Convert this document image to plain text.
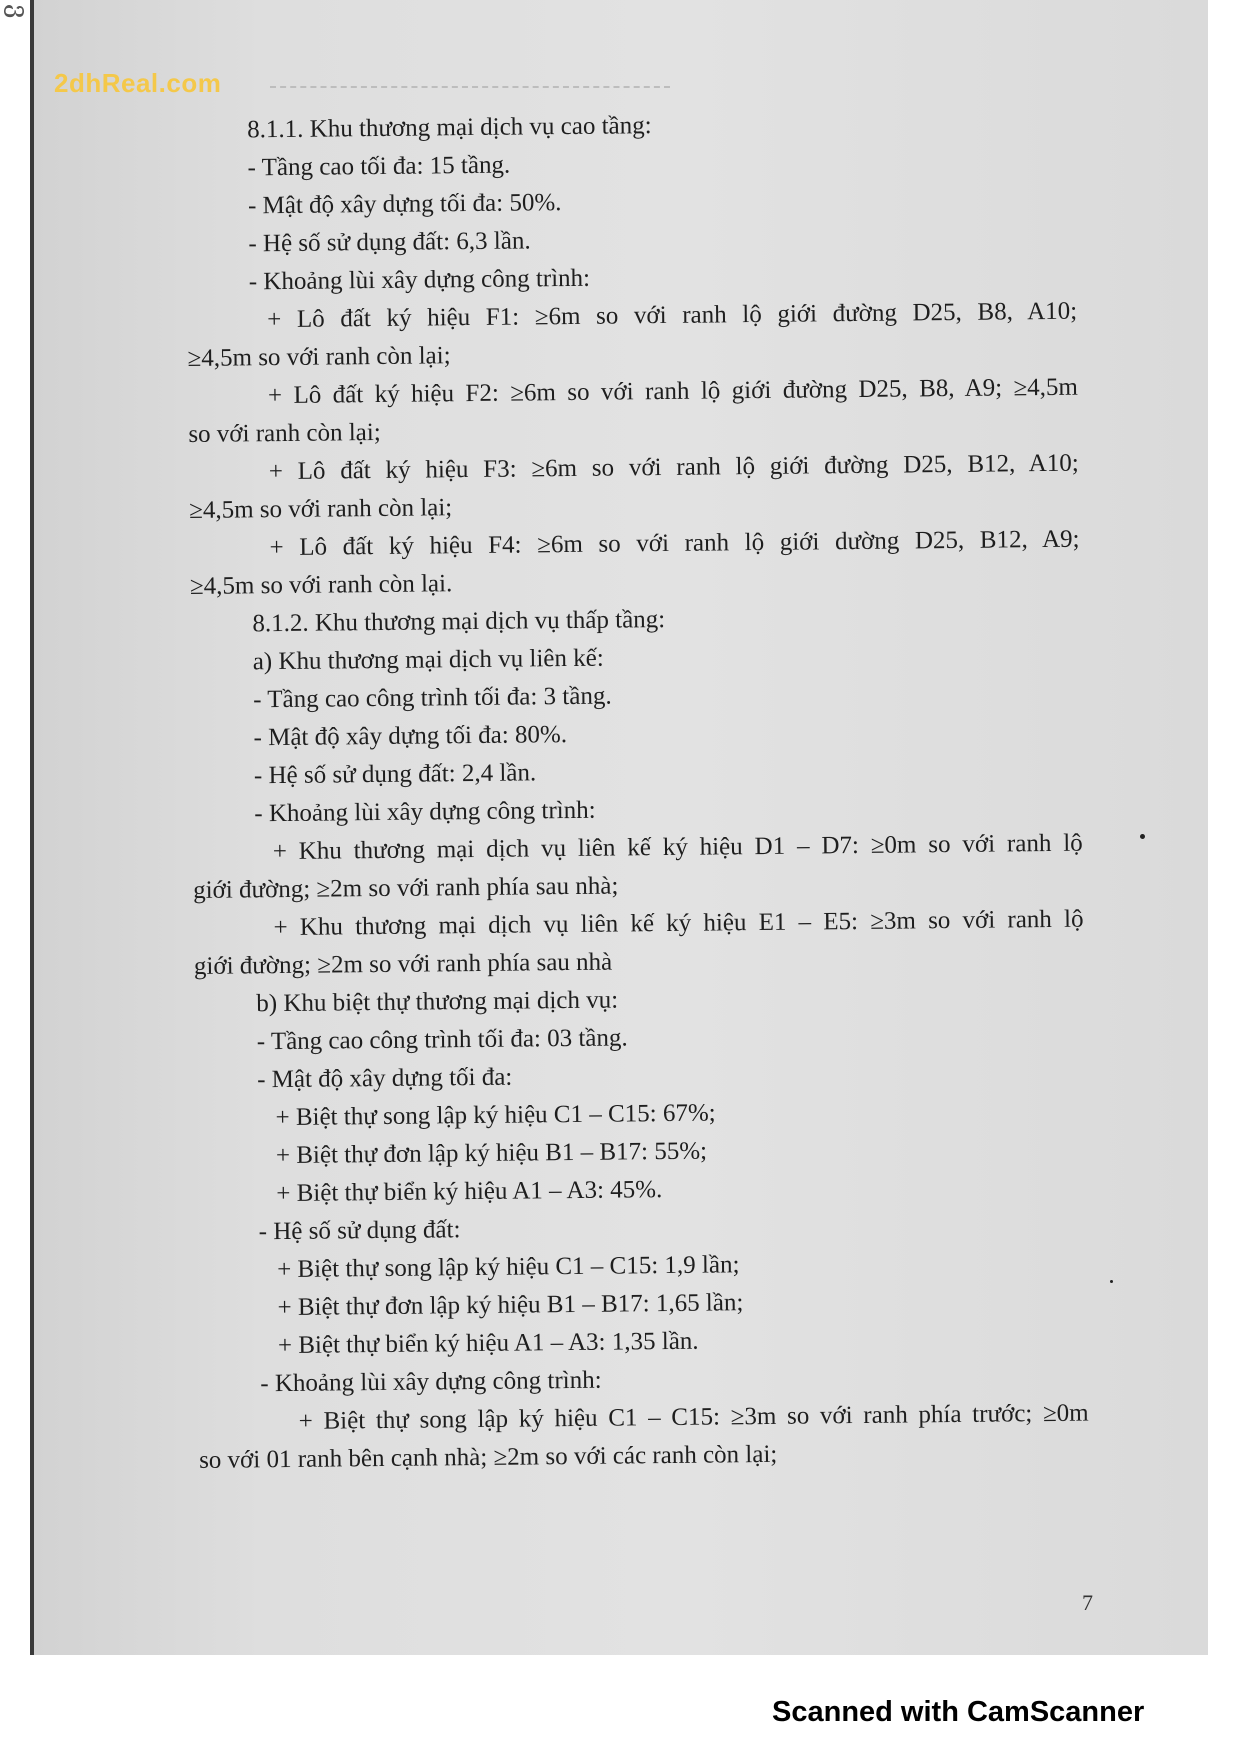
ვ
2dhReal.com
8.1.1. Khu thương mại dịch vụ cao tầng:
- Tầng cao tối đa: 15 tầng.
- Mật độ xây dựng tối đa: 50%.
- Hệ số sử dụng đất: 6,3 lần.
- Khoảng lùi xây dựng công trình:
+ Lô đất ký hiệu F1: ≥6m so với ranh lộ giới đường D25, B8, A10;
≥4,5m so với ranh còn lại;
+ Lô đất ký hiệu F2: ≥6m so với ranh lộ giới đường D25, B8, A9; ≥4,5m
so với ranh còn lại;
+ Lô đất ký hiệu F3: ≥6m so với ranh lộ giới đường D25, B12, A10;
≥4,5m so với ranh còn lại;
+ Lô đất ký hiệu F4: ≥6m so với ranh lộ giới dường D25, B12, A9;
≥4,5m so với ranh còn lại.
8.1.2. Khu thương mại dịch vụ thấp tầng:
a) Khu thương mại dịch vụ liên kế:
- Tầng cao công trình tối đa: 3 tầng.
- Mật độ xây dựng tối đa: 80%.
- Hệ số sử dụng đất: 2,4 lần.
- Khoảng lùi xây dựng công trình:
+ Khu thương mại dịch vụ liên kế ký hiệu D1 – D7: ≥0m so với ranh lộ
giới đường; ≥2m so với ranh phía sau nhà;
+ Khu thương mại dịch vụ liên kế ký hiệu E1 – E5: ≥3m so với ranh lộ
giới đường; ≥2m so với ranh phía sau nhà
b) Khu biệt thự thương mại dịch vụ:
- Tầng cao công trình tối đa: 03 tầng.
- Mật độ xây dựng tối đa:
+ Biệt thự song lập ký hiệu C1 – C15: 67%;
+ Biệt thự đơn lập ký hiệu B1 – B17: 55%;
+ Biệt thự biển ký hiệu A1 – A3: 45%.
- Hệ số sử dụng đất:
+ Biệt thự song lập ký hiệu C1 – C15: 1,9 lần;
+ Biệt thự đơn lập ký hiệu B1 – B17: 1,65 lần;
+ Biệt thự biển ký hiệu A1 – A3: 1,35 lần.
- Khoảng lùi xây dựng công trình:
+ Biệt thự song lập ký hiệu C1 – C15: ≥3m so với ranh phía trước; ≥0m
so với 01 ranh bên cạnh nhà; ≥2m so với các ranh còn lại;
7
Scanned with CamScanner
